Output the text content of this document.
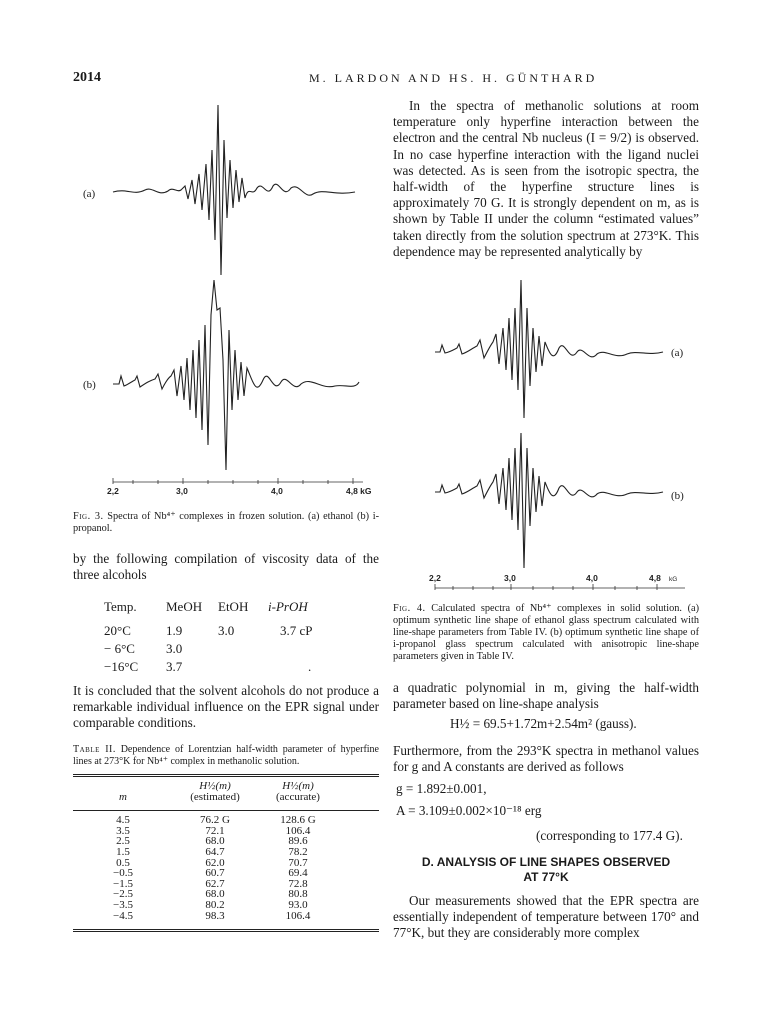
2014	M. LARDON AND HS. H. GÜNTHARD
In the spectra of methanolic solutions at room temperature only hyperfine interaction between the electron and the central Nb nucleus (I = 9/2) is observed. In no case hyperfine interaction with the ligand nuclei was detected. As is seen from the isotropic spectra, the half-width of the hyperfine structure lines is approximately 70 G. It is strongly dependent on m, as is shown by Table II under the column “estimated values” taken directly from the solution spectrum at 273°K. This dependence may be represented analytically by
(a)
(b)
2,2	3,0	4,0	4,8 kG
Fig. 3. Spectra of Nb⁴⁺ complexes in frozen solution. (a) ethanol (b) i-propanol.
(a)
(b)
2,2	3,0	4,0	4,8 kG
Fig. 4. Calculated spectra of Nb⁴⁺ complexes in solid solution. (a) optimum synthetic line shape of ethanol glass spectrum calculated with line-shape parameters from Table IV. (b) optimum synthetic line shape of i-propanol glass spectrum calculated with anisotropic line-shape parameters given in Table IV.
by the following compilation of viscosity data of the three alcohols
Temp.	MeOH	EtOH	i-PrOH

20°C	1.9	3.0	3.7 cP
− 6°C	3.0		
−16°C	3.7		.
It is concluded that the solvent alcohols do not produce a remarkable individual influence on the EPR signal under comparable conditions.
Table II. Dependence of Lorentzian half-width parameter of hyperfine lines at 273°K for Nb⁴⁺ complex in methanolic solution.
	H½(m)	H½(m)	
m	(estimated)	(accurate)	
4.5	76.2 G	128.6 G	
3.5	72.1	106.4	
2.5	68.0	89.6	
1.5	64.7	78.2	
0.5	62.0	70.7	
−0.5	60.7	69.4	
−1.5	62.7	72.8	
−2.5	68.0	80.8	
−3.5	80.2	93.0	
−4.5	98.3	106.4	
a quadratic polynomial in m, giving the half-width parameter based on line-shape analysis
H½ = 69.5+1.72m+2.54m² (gauss).
Furthermore, from the 293°K spectra in methanol values for g and A constants are derived as follows
g = 1.892±0.001,
A = 3.109±0.002×10⁻¹⁸ erg
(corresponding to 177.4 G).
D. ANALYSIS OF LINE SHAPES OBSERVED
AT 77°K
Our measurements showed that the EPR spectra are essentially independent of temperature between 170° and 77°K, but they are considerably more complex
